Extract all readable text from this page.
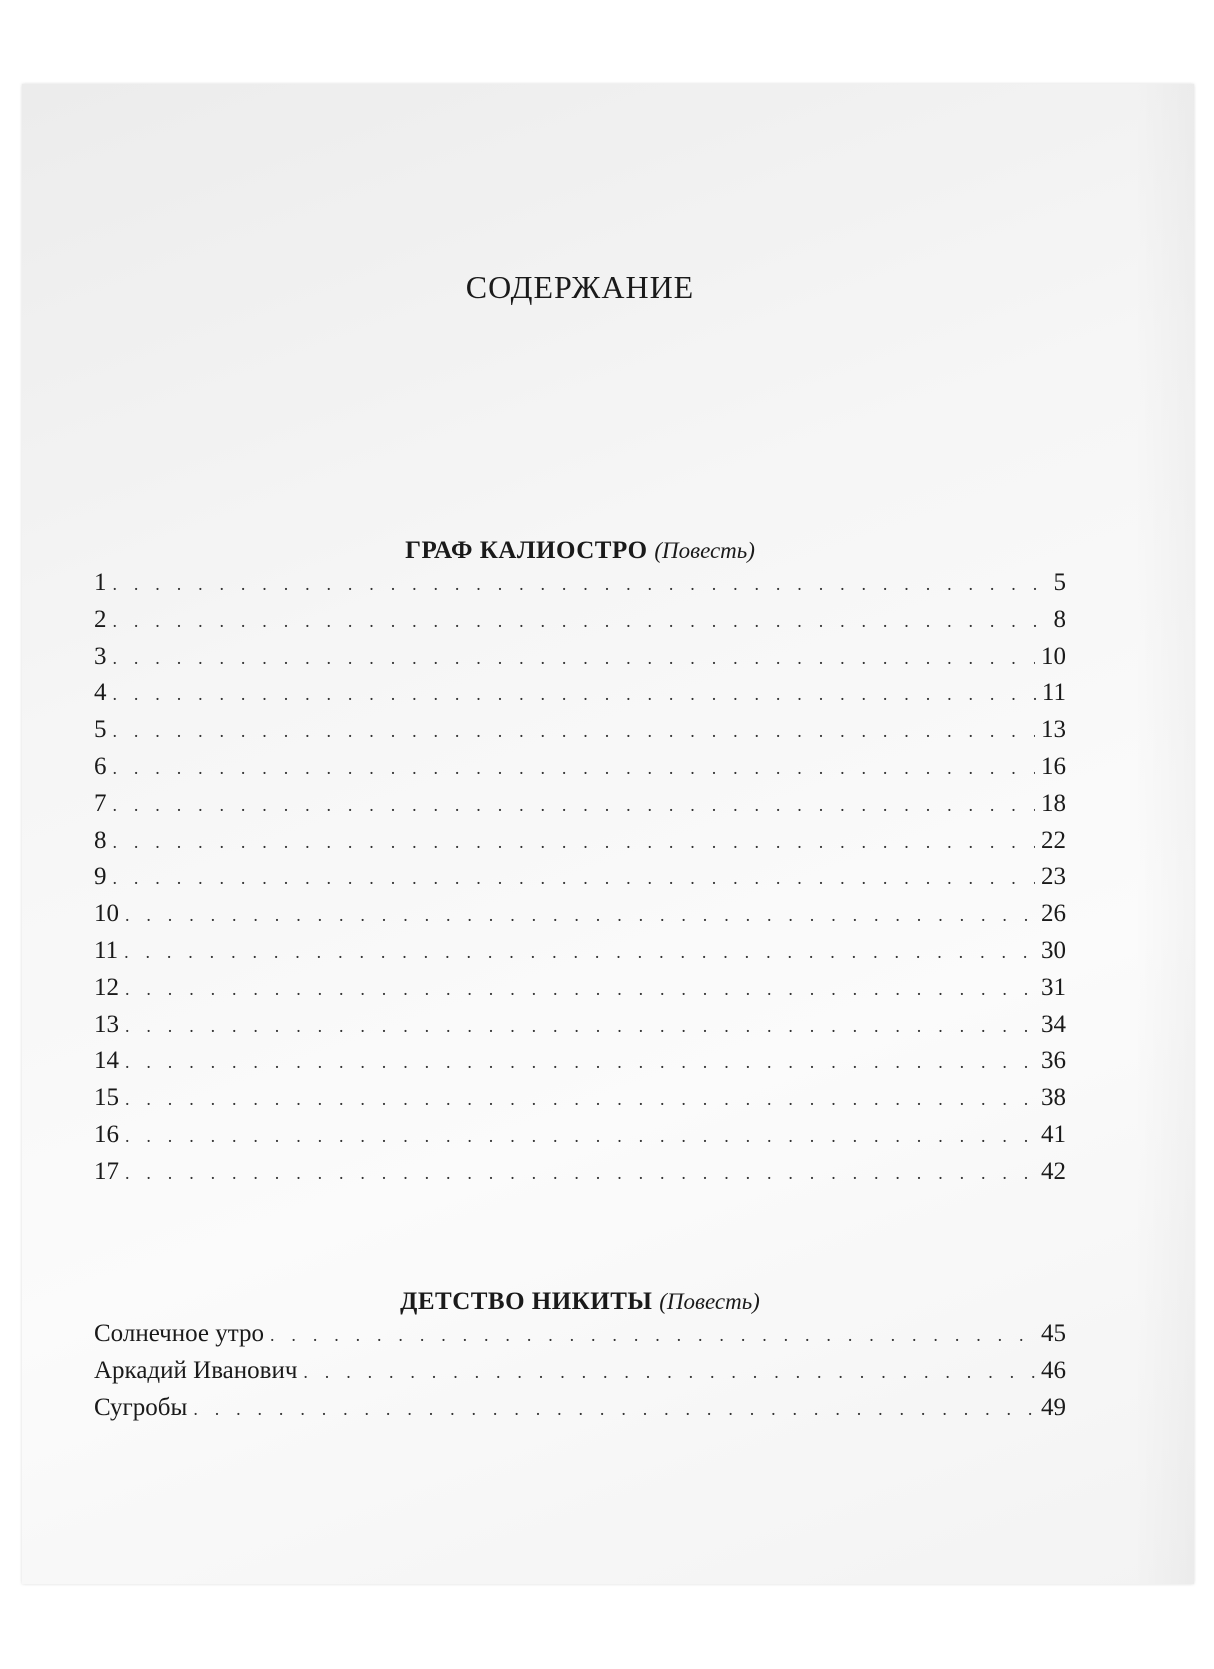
СОДЕРЖАНИЕ
ГРАФ КАЛИОСТРО (Повесть)
1 . . .	5
2 . . .	8
3 . . .	10
4 . . .	11
5 . . .	13
6 . . .	16
7 . . .	18
8 . . .	22
9 . . .	23
10 . . .	26
11 . . .	30
12 . . .	31
13 . . .	34
14 . . .	36
15 . . .	38
16 . . .	41
17 . . .	42
ДЕТСТВО НИКИТЫ (Повесть)
Солнечное утро . . .	45
Аркадий Иванович . . .	46
Сугробы . . .	49
